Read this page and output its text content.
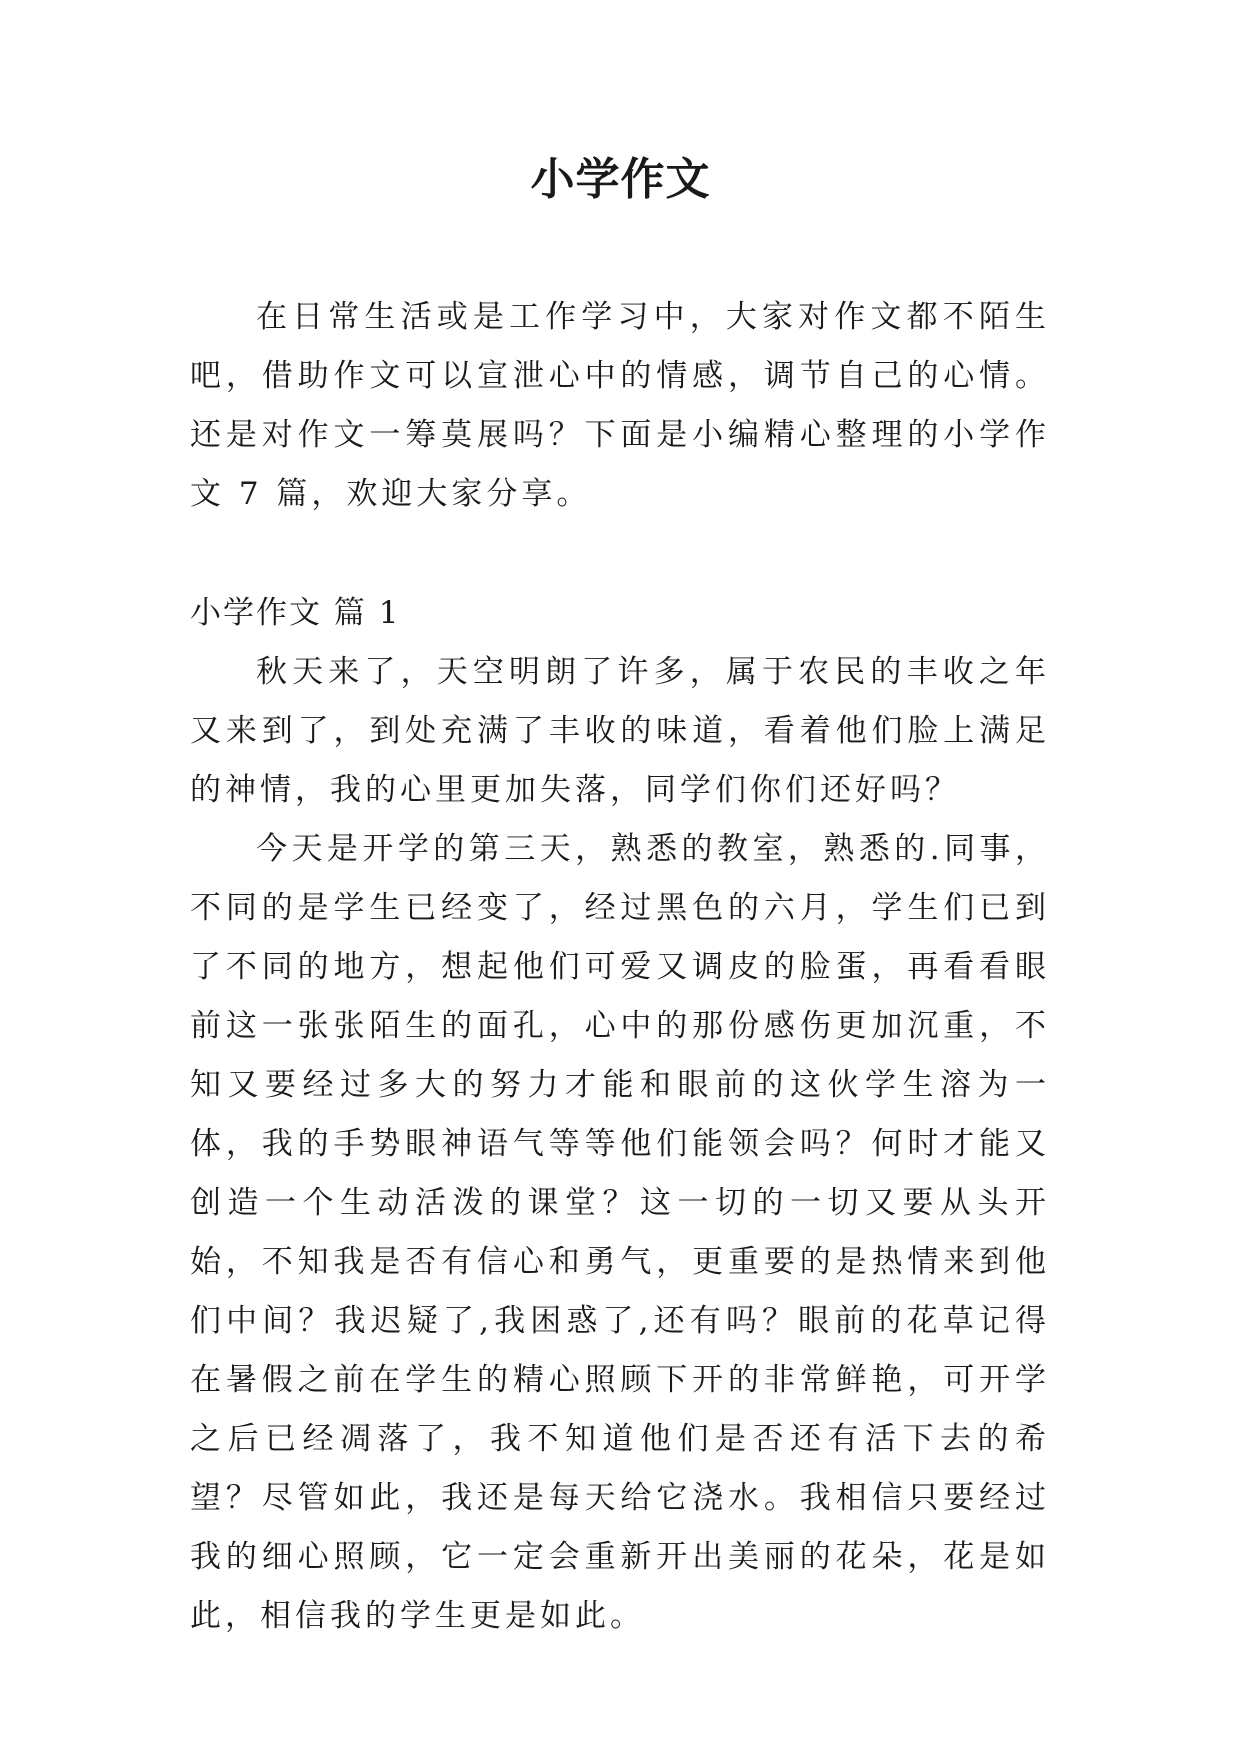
小学作文

在日常生活或是工作学习中，大家对作文都不陌生吧，借助作文可以宣泄心中的情感，调节自己的心情。还是对作文一筹莫展吗？下面是小编精心整理的小学作文 7 篇，欢迎大家分享。

小学作文 篇 1

秋天来了，天空明朗了许多，属于农民的丰收之年又来到了，到处充满了丰收的味道，看着他们脸上满足的神情，我的心里更加失落，同学们你们还好吗？

今天是开学的第三天，熟悉的教室，熟悉的.同事，不同的是学生已经变了，经过黑色的六月，学生们已到了不同的地方，想起他们可爱又调皮的脸蛋，再看看眼前这一张张陌生的面孔，心中的那份感伤更加沉重，不知又要经过多大的努力才能和眼前的这伙学生溶为一体，我的手势眼神语气等等他们能领会吗？何时才能又创造一个生动活泼的课堂？这一切的一切又要从头开始，不知我是否有信心和勇气，更重要的是热情来到他们中间？我迟疑了,我困惑了,还有吗？眼前的花草记得在暑假之前在学生的精心照顾下开的非常鲜艳，可开学之后已经凋落了，我不知道他们是否还有活下去的希望？尽管如此，我还是每天给它浇水。我相信只要经过我的细心照顾，它一定会重新开出美丽的花朵，花是如此，相信我的学生更是如此。
